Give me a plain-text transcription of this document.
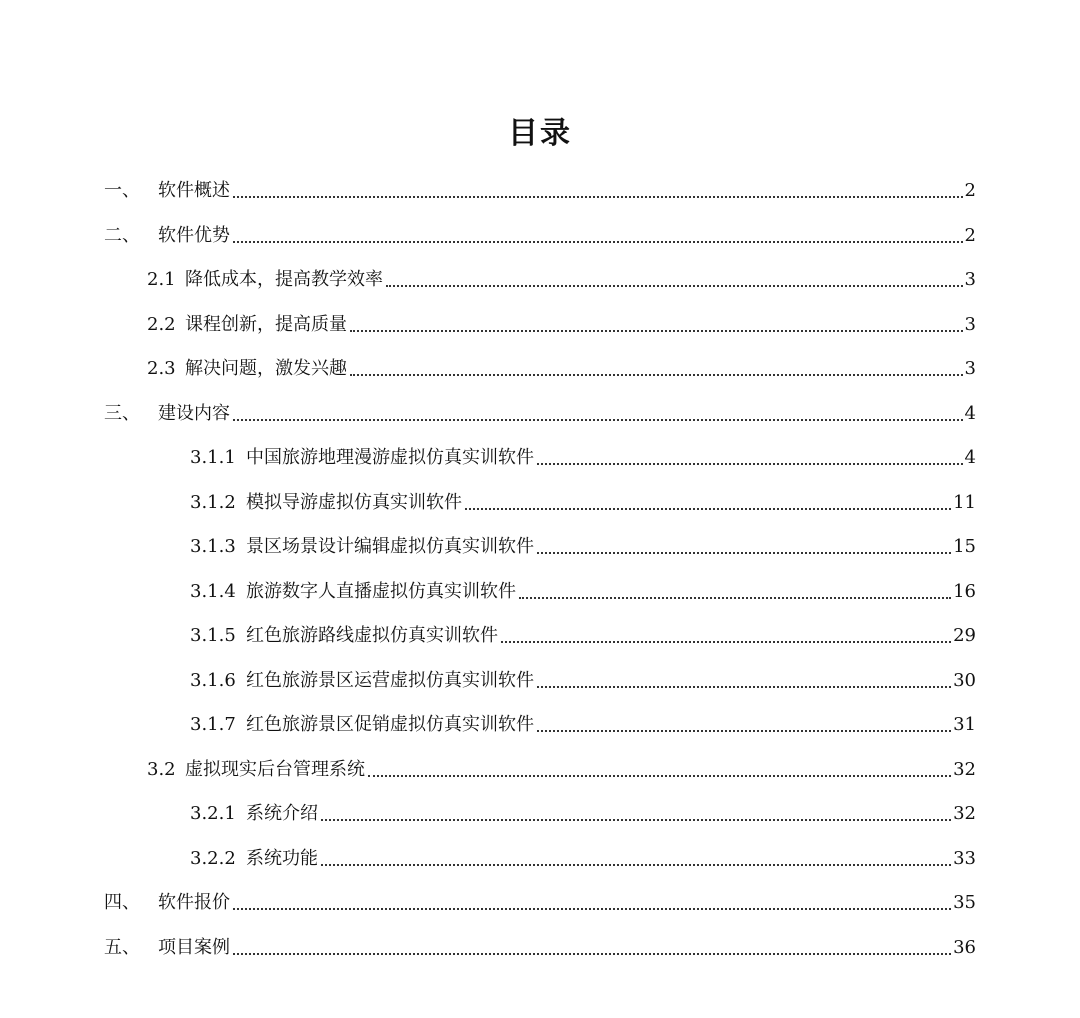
目录
一、	软件概述	2
二、	软件优势	2
2.1 降低成本，提高教学效率	3
2.2 课程创新，提高质量	3
2.3 解决问题，激发兴趣	3
三、	建设内容	4
3.1.1 中国旅游地理漫游虚拟仿真实训软件	4
3.1.2 模拟导游虚拟仿真实训软件	11
3.1.3 景区场景设计编辑虚拟仿真实训软件	15
3.1.4 旅游数字人直播虚拟仿真实训软件	16
3.1.5 红色旅游路线虚拟仿真实训软件	29
3.1.6 红色旅游景区运营虚拟仿真实训软件	30
3.1.7 红色旅游景区促销虚拟仿真实训软件	31
3.2 虚拟现实后台管理系统	32
3.2.1 系统介绍	32
3.2.2 系统功能	33
四、	软件报价	35
五、	项目案例	36
